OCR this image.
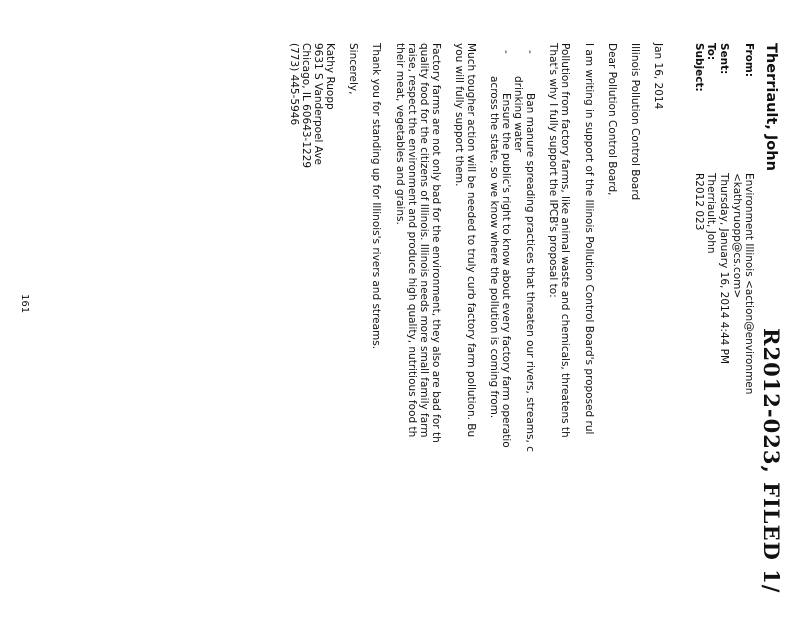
R2012-023, FILED 1/
Therriault, John
From:
Environment Illinois <action@environmen
<kathyruopp@cs.com>
Sent:
Thursday, January 16, 2014 4:44 PM
To:
Therriault, John
Subject:
R2012 023
Jan 16, 2014
Illinois Pollution Control Board
Dear Pollution Control Board,
I am writing in support of the Illinois Pollution Control Board's proposed rul
Pollution from factory farms, like animal waste and chemicals, threatens th
That's why I fully support the IPCB's proposal to:
-
Ban manure spreading practices that threaten our rivers, streams, c
drinking water
-
Ensure the public's right to know about every factory farm operatio
across the state, so we know where the pollution is coming from.
Much tougher action will be needed to truly curb factory farm pollution. Bu
you will fully support them.
Factory farms are not only bad for the environment, they also are bad for th
quality food for the citizens of Illinois. Illinois needs more small family farm
raise, respect the environment and produce high quality, nutritious food th
their meat, vegetables and grains.
Thank you for standing up for Illinois's rivers and streams.
Sincerely,
Kathy Ruopp
9631 S Vanderpoel Ave
Chicago, IL 60643-1229
(773) 445-5946
161
